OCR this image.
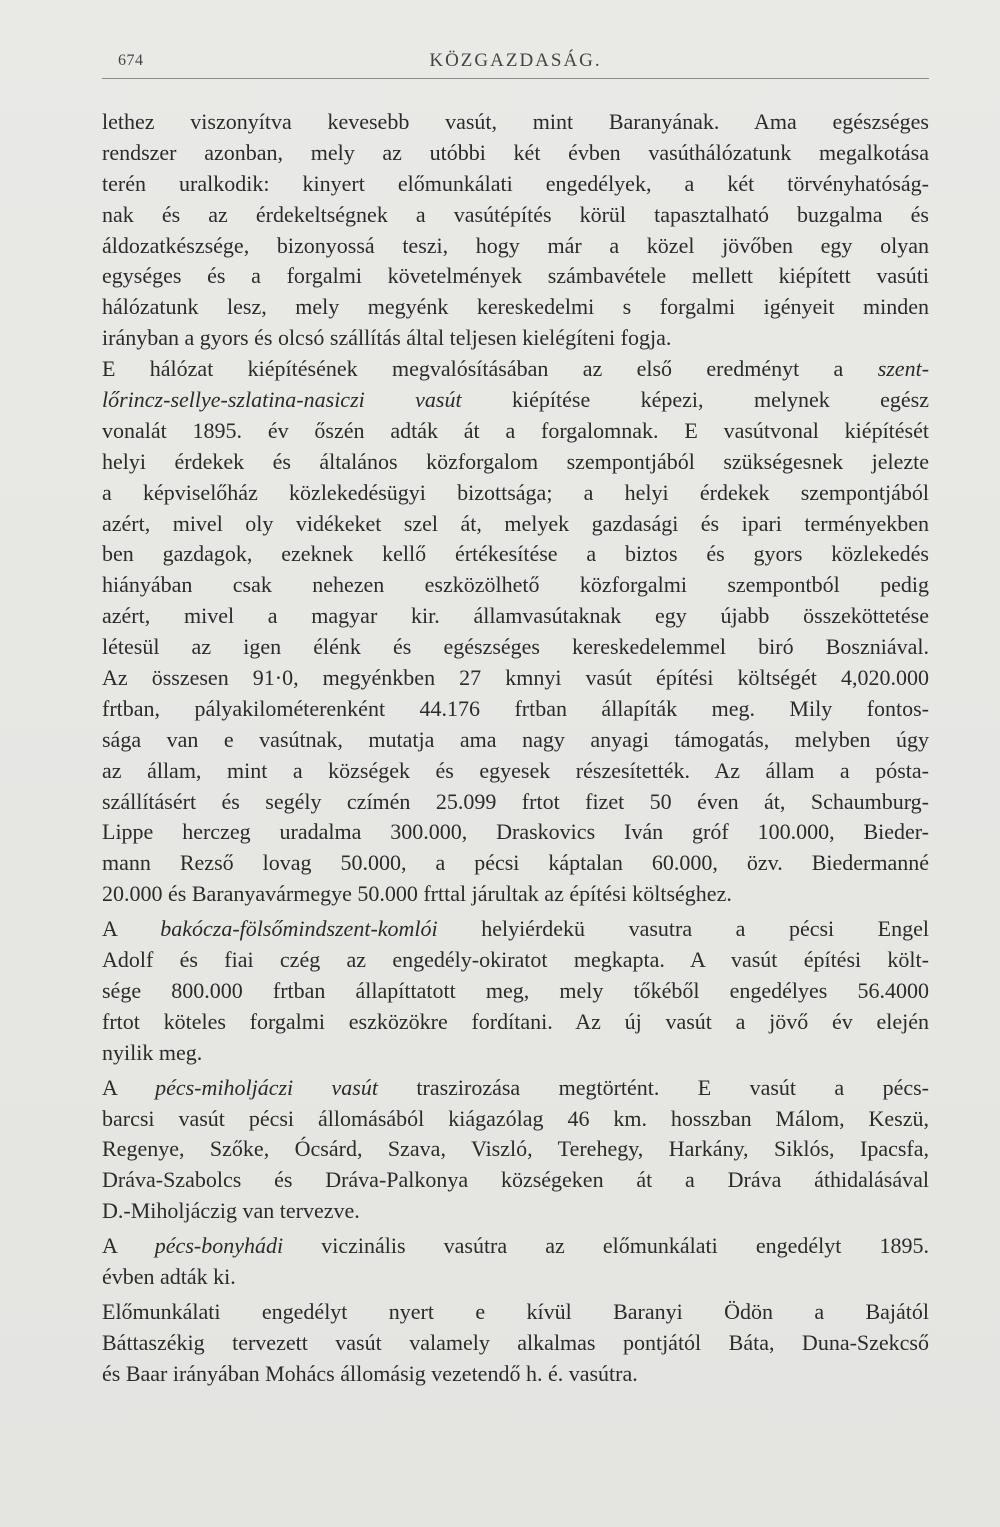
674	KÖZGAZDASÁG.
lethez viszonyítva kevesebb vasút, mint Baranyának. Ama egészséges
rendszer azonban, mely az utóbbi két évben vasúthálózatunk megalkotása
terén uralkodik: kinyert előmunkálati engedélyek, a két törvényhatóság-
nak és az érdekeltségnek a vasútépítés körül tapasztalható buzgalma és
áldozatkészsége, bizonyossá teszi, hogy már a közel jövőben egy olyan
egységes és a forgalmi követelmények számbavétele mellett kiépített vasúti
hálózatunk lesz, mely megyénk kereskedelmi s forgalmi igényeit minden
irányban a gyors és olcsó szállítás által teljesen kielégíteni fogja.
E hálózat kiépítésének megvalósításában az első eredményt a szent-
lőrincz-sellye-szlatina-nasiczi vasút kiépítése képezi, melynek egész
vonalát 1895. év őszén adták át a forgalomnak. E vasútvonal kiépítését
helyi érdekek és általános közforgalom szempontjából szükségesnek jelezte
a képviselőház közlekedésügyi bizottsága; a helyi érdekek szempontjából
azért, mivel oly vidékeket szel át, melyek gazdasági és ipari terményekben
ben gazdagok, ezeknek kellő értékesítése a biztos és gyors közlekedés
hiányában csak nehezen eszközölhető közforgalmi szempontból pedig
azért, mivel a magyar kir. államvasútaknak egy újabb összeköttetése
létesül az igen élénk és egészséges kereskedelemmel biró Boszniával.
Az összesen 91·0, megyénkben 27 kmnyi vasút építési költségét 4,020.000
frtban, pályakilométerenként 44.176 frtban állapíták meg. Mily fontos-
sága van e vasútnak, mutatja ama nagy anyagi támogatás, melyben úgy
az állam, mint a községek és egyesek részesítették. Az állam a pósta-
szállításért és segély czímén 25.099 frtot fizet 50 éven át, Schaumburg-
Lippe herczeg uradalma 300.000, Draskovics Iván gróf 100.000, Bieder-
mann Rezső lovag 50.000, a pécsi káptalan 60.000, özv. Biedermanné
20.000 és Baranyavármegye 50.000 frttal járultak az építési költséghez.
A bakócza-fölsőmindszent-komlói helyiérdekü vasutra a pécsi Engel
Adolf és fiai czég az engedély-okiratot megkapta. A vasút építési költ-
sége 800.000 frtban állapíttatott meg, mely tőkéből engedélyes 56.4000
frtot köteles forgalmi eszközökre fordítani. Az új vasút a jövő év elején
nyilik meg.
A pécs-miholjáczi vasút traszirozása megtörtént. E vasút a pécs-
barcsi vasút pécsi állomásából kiágazólag 46 km. hosszban Málom, Keszü,
Regenye, Szőke, Ócsárd, Szava, Viszló, Terehegy, Harkány, Siklós, Ipacsfa,
Dráva-Szabolcs és Dráva-Palkonya községeken át a Dráva áthidalásával
D.-Miholjáczig van tervezve.
A pécs-bonyhádi viczinális vasútra az előmunkálati engedélyt 1895.
évben adták ki.
Előmunkálati engedélyt nyert e kívül Baranyi Ödön a Bajától
Báttaszékig tervezett vasút valamely alkalmas pontjától Báta, Duna-Szekcső
és Baar irányában Mohács állomásig vezetendő h. é. vasútra.
